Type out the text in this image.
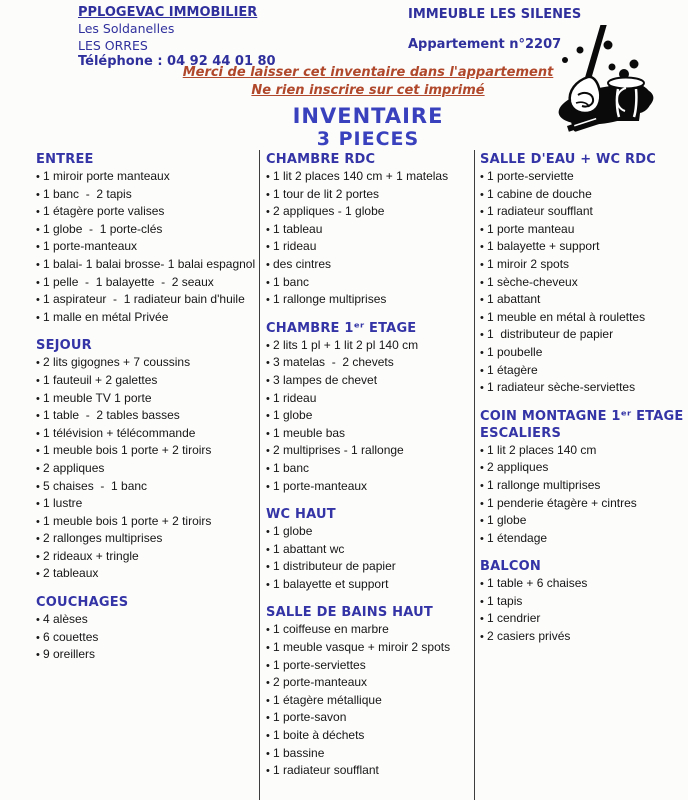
PPLOGEVAC IMMOBILIER
Les Soldanelles
LES ORRES
Téléphone : 04 92 44 01 80
IMMEUBLE LES SILENES
Appartement n°2207
Merci de laisser cet inventaire dans l'appartement
Ne rien inscrire sur cet imprimé
INVENTAIRE
3 PIECES
ENTREE
• 1 miroir porte manteaux
• 1 banc  -  2 tapis
• 1 étagère porte valises
• 1 globe  -  1 porte-clés
• 1 porte-manteaux
• 1 balai- 1 balai brosse- 1 balai espagnol
• 1 pelle  -  1 balayette  -  2 seaux
• 1 aspirateur  -  1 radiateur bain d'huile
• 1 malle en métal Privée
SEJOUR
• 2 lits gigognes + 7 coussins
• 1 fauteuil + 2 galettes
• 1 meuble TV 1 porte
• 1 table  -  2 tables basses
• 1 télévision + télécommande
• 1 meuble bois 1 porte + 2 tiroirs
• 2 appliques
• 5 chaises  -  1 banc
• 1 lustre
• 1 meuble bois 1 porte + 2 tiroirs
• 2 rallonges multiprises
• 2 rideaux + tringle
• 2 tableaux
COUCHAGES
• 4 alèses
• 6 couettes
• 9 oreillers
CHAMBRE RDC
• 1 lit 2 places 140 cm + 1 matelas
• 1 tour de lit 2 portes
• 2 appliques - 1 globe
• 1 tableau
• 1 rideau
• des cintres
• 1 banc
• 1 rallonge multiprises
CHAMBRE 1ᵉʳ ETAGE
• 2 lits 1 pl + 1 lit 2 pl 140 cm
• 3 matelas  -  2 chevets
• 3 lampes de chevet
• 1 rideau
• 1 globe
• 1 meuble bas
• 2 multiprises - 1 rallonge
• 1 banc
• 1 porte-manteaux
WC HAUT
• 1 globe
• 1 abattant wc
• 1 distributeur de papier
• 1 balayette et support
SALLE DE BAINS HAUT
• 1 coiffeuse en marbre
• 1 meuble vasque + miroir 2 spots
• 1 porte-serviettes
• 2 porte-manteaux
• 1 étagère métallique
• 1 porte-savon
• 1 boite à déchets
• 1 bassine
• 1 radiateur soufflant
SALLE D'EAU + WC RDC
• 1 porte-serviette
• 1 cabine de douche
• 1 radiateur soufflant
• 1 porte manteau
• 1 balayette + support
• 1 miroir 2 spots
• 1 sèche-cheveux
• 1 abattant
• 1 meuble en métal à roulettes
• 1  distributeur de papier
• 1 poubelle
• 1 étagère
• 1 radiateur sèche-serviettes
COIN MONTAGNE 1ᵉʳ ETAGE
ESCALIERS
• 1 lit 2 places 140 cm
• 2 appliques
• 1 rallonge multiprises
• 1 penderie étagère + cintres
• 1 globe
• 1 étendage
BALCON
• 1 table + 6 chaises
• 1 tapis
• 1 cendrier
• 2 casiers privés
